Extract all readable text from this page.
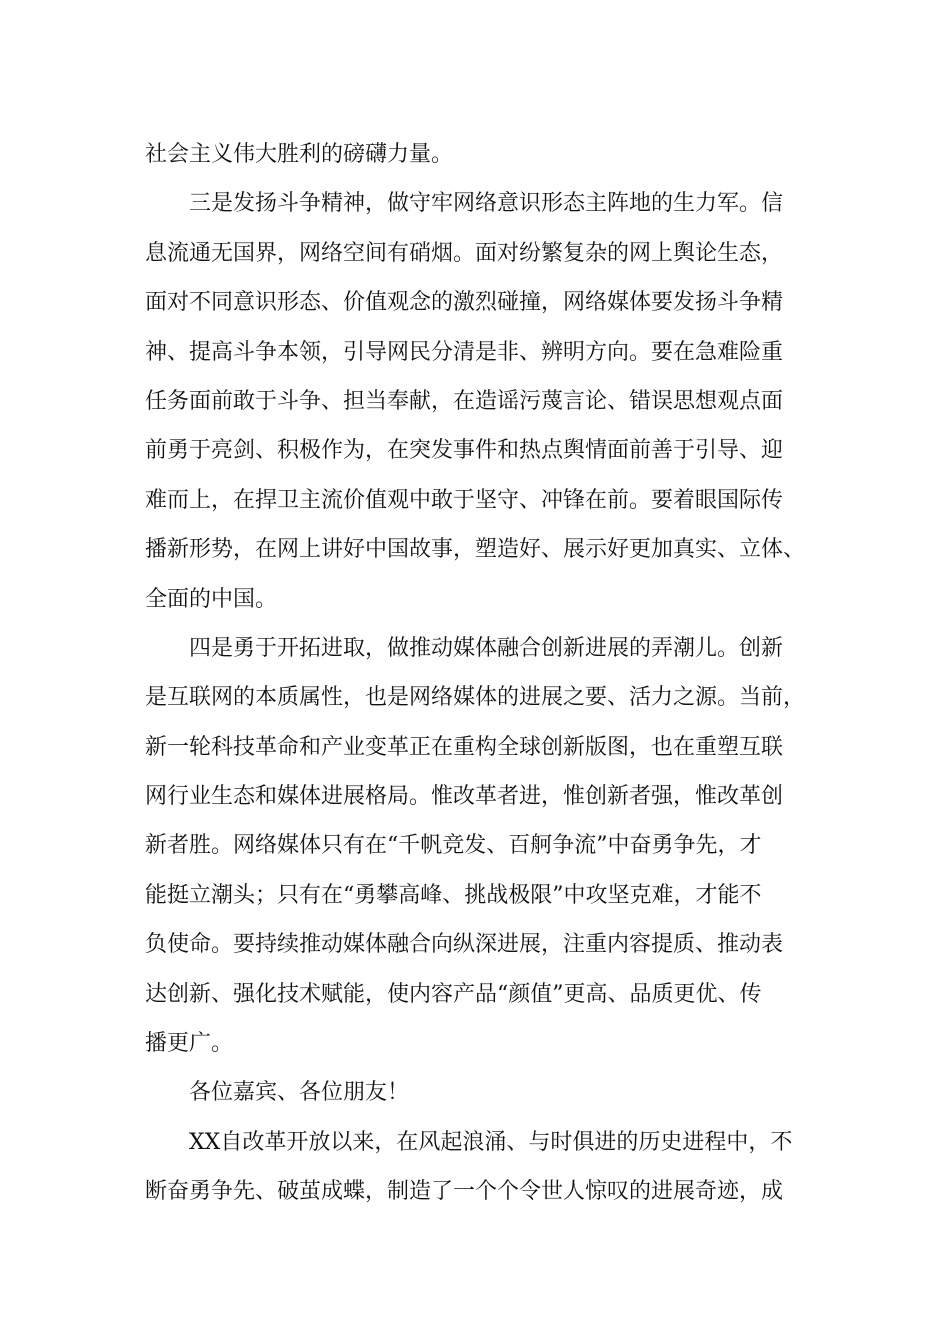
社会主义伟大胜利的磅礴力量。
三是发扬斗争精神，做守牢网络意识形态主阵地的生力军。信
息流通无国界，网络空间有硝烟。面对纷繁复杂的网上舆论生态，
面对不同意识形态、价值观念的激烈碰撞，网络媒体要发扬斗争精
神、提高斗争本领，引导网民分清是非、辨明方向。要在急难险重
任务面前敢于斗争、担当奉献，在造谣污蔑言论、错误思想观点面
前勇于亮剑、积极作为，在突发事件和热点舆情面前善于引导、迎
难而上，在捍卫主流价值观中敢于坚守、冲锋在前。要着眼国际传
播新形势，在网上讲好中国故事，塑造好、展示好更加真实、立体、
全面的中国。
四是勇于开拓进取，做推动媒体融合创新进展的弄潮儿。创新
是互联网的本质属性，也是网络媒体的进展之要、活力之源。当前，
新一轮科技革命和产业变革正在重构全球创新版图，也在重塑互联
网行业生态和媒体进展格局。惟改革者进，惟创新者强，惟改革创
新者胜。网络媒体只有在“千帆竞发、百舸争流”中奋勇争先，才
能挺立潮头；只有在“勇攀高峰、挑战极限”中攻坚克难，才能不
负使命。要持续推动媒体融合向纵深进展，注重内容提质、推动表
达创新、强化技术赋能，使内容产品“颜值”更高、品质更优、传
播更广。
各位嘉宾、各位朋友！
XX自改革开放以来，在风起浪涌、与时俱进的历史进程中，不
断奋勇争先、破茧成蝶，制造了一个个令世人惊叹的进展奇迹，成
